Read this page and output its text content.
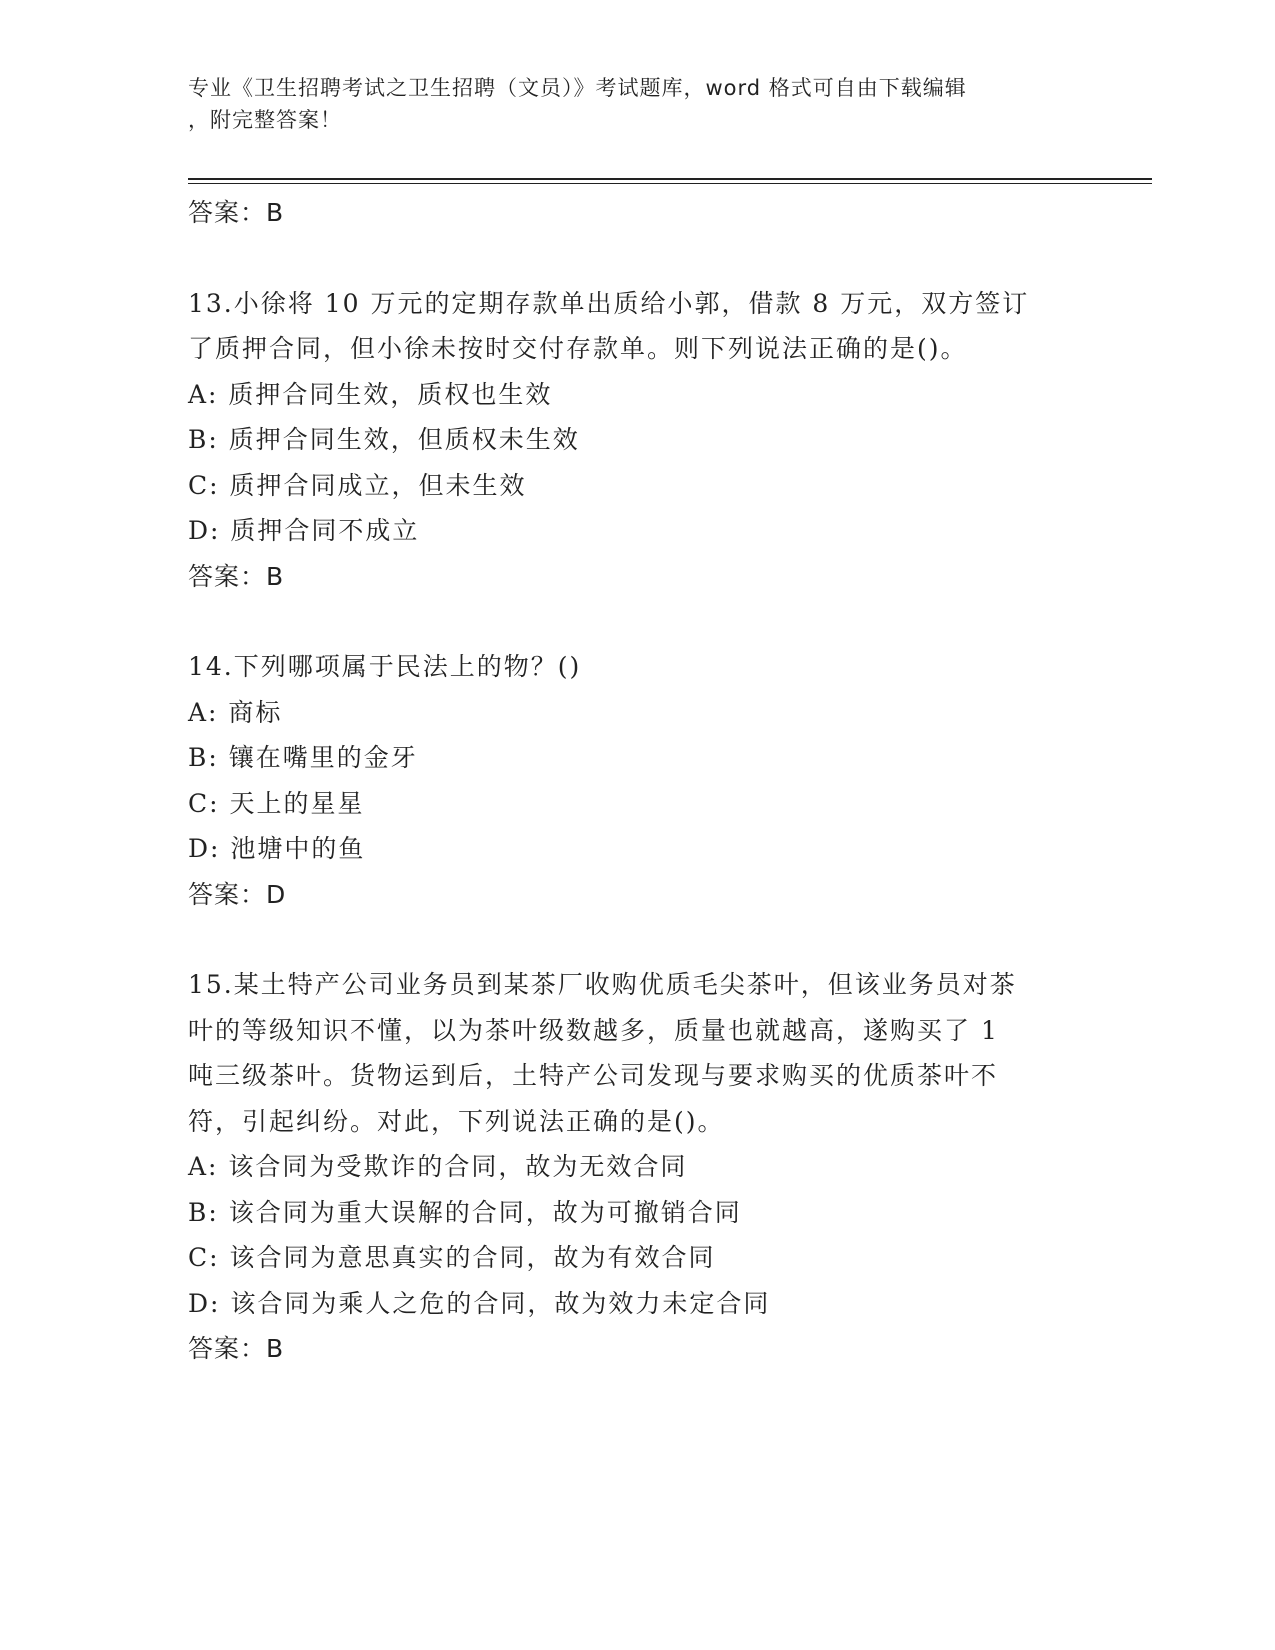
专业《卫生招聘考试之卫生招聘（文员）》考试题库，word 格式可自由下载编辑
，附完整答案！
答案：B
13.小徐将 10 万元的定期存款单出质给小郭，借款 8 万元，双方签订
了质押合同，但小徐未按时交付存款单。则下列说法正确的是()。
A: 质押合同生效，质权也生效
B: 质押合同生效，但质权未生效
C: 质押合同成立，但未生效
D: 质押合同不成立
答案：B
14.下列哪项属于民法上的物？()
A: 商标
B: 镶在嘴里的金牙
C: 天上的星星
D: 池塘中的鱼
答案：D
15.某土特产公司业务员到某茶厂收购优质毛尖茶叶，但该业务员对茶
叶的等级知识不懂，以为茶叶级数越多，质量也就越高，遂购买了 1
吨三级茶叶。货物运到后，土特产公司发现与要求购买的优质茶叶不
符，引起纠纷。对此，下列说法正确的是()。
A: 该合同为受欺诈的合同，故为无效合同
B: 该合同为重大误解的合同，故为可撤销合同
C: 该合同为意思真实的合同，故为有效合同
D: 该合同为乘人之危的合同，故为效力未定合同
答案：B
